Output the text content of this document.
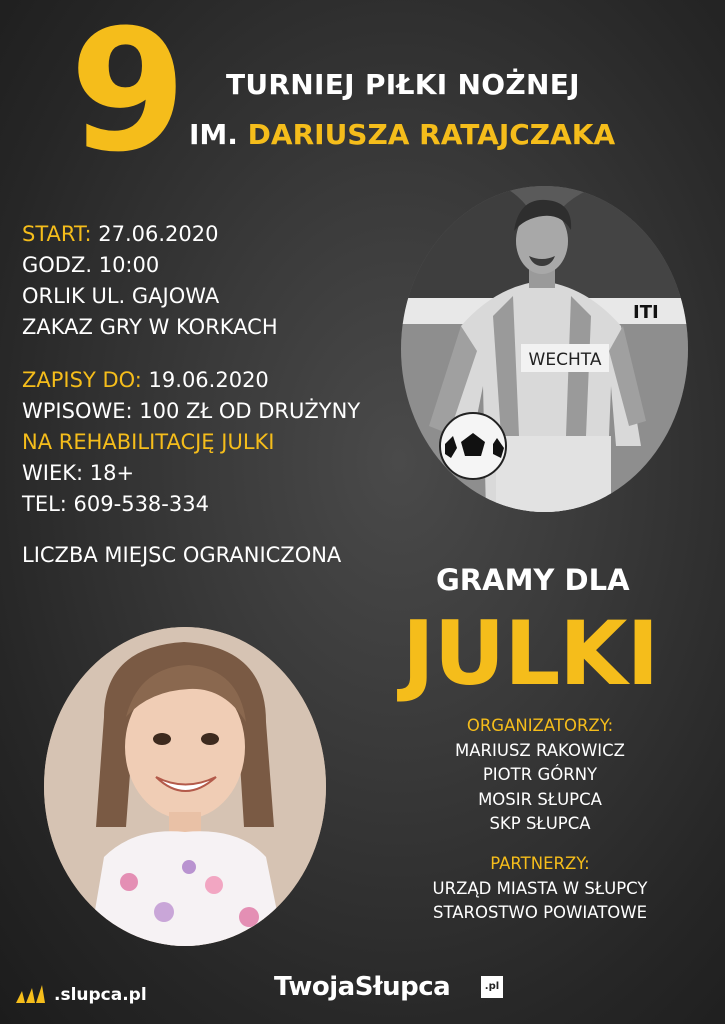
9	TURNIEJ PIŁKI NOŻNEJ
IM. DARIUSZA RATAJCZAKA
START: 27.06.2020
GODZ. 10:00
ORLIK UL. GAJOWA
ZAKAZ GRY W KORKACH
ZAPISY DO: 19.06.2020
WPISOWE: 100 ZŁ OD DRUŻYNY
NA REHABILITACJĘ JULKI
WIEK: 18+
TEL: 609-538-334
LICZBA MIEJSC OGRANICZONA
ITI
WECHTA
GRAMY DLA
JULKI
ORGANIZATORZY:
MARIUSZ RAKOWICZ
PIOTR GÓRNY
MOSIR SŁUPCA
SKP SŁUPCA
PARTNERZY:
URZĄD MIASTA W SŁUPCY
STAROSTWO POWIATOWE
.slupca.pl	TwojaSłupca	.pl
